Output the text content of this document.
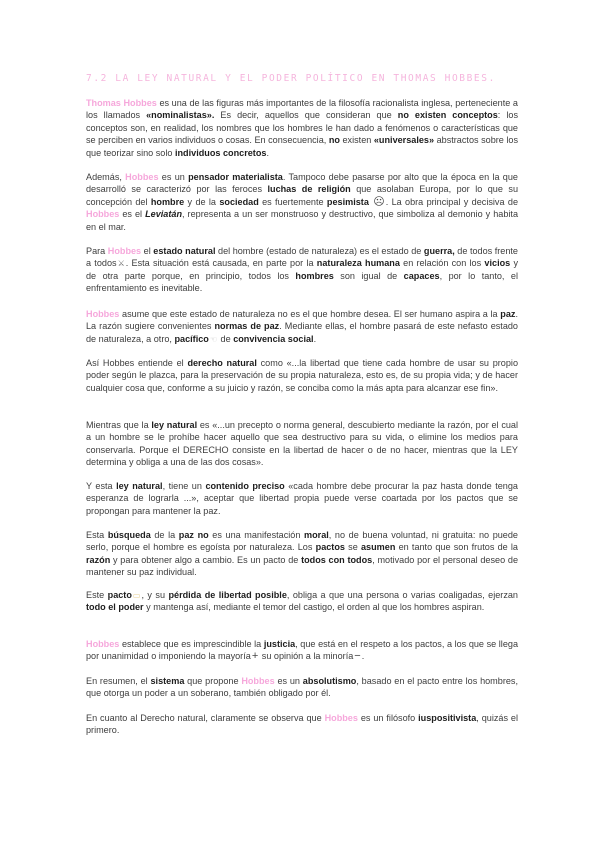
7.2 LA LEY NATURAL Y EL PODER POLÍTICO EN THOMAS HOBBES.
Thomas Hobbes es una de las figuras más importantes de la filosofía racionalista inglesa, perteneciente a los llamados «nominalistas». Es decir, aquellos que consideran que no existen conceptos: los conceptos son, en realidad, los nombres que los hombres le han dado a fenómenos o características que se perciben en varios individuos o cosas. En consecuencia, no existen «universales» abstractos sobre los que teorizar sino solo individuos concretos.
Además, Hobbes es un pensador materialista. Tampoco debe pasarse por alto que la época en la que desarrolló se caracterizó por las feroces luchas de religión que asolaban Europa, por lo que su concepción del hombre y de la sociedad es fuertemente pesimista ☹. La obra principal y decisiva de Hobbes es el Leviatán, representa a un ser monstruoso y destructivo, que simboliza al demonio y habita en el mar.
Para Hobbes el estado natural del hombre (estado de naturaleza) es el estado de guerra, de todos frente a todos⚔. Esta situación está causada, en parte por la naturaleza humana en relación con los vicios y de otra parte porque, en principio, todos los hombres son igual de capaces, por lo tanto, el enfrentamiento es inevitable.
Hobbes asume que este estado de naturaleza no es el que hombre desea. El ser humano aspira a la paz. La razón sugiere convenientes normas de paz. Mediante ellas, el hombre pasará de este nefasto estado de naturaleza, a otro, pacífico☜ de convivencia social.
Así Hobbes entiende el derecho natural como «...la libertad que tiene cada hombre de usar su propio poder según le plazca, para la preservación de su propia naturaleza, esto es, de su propia vida; y de hacer cualquier cosa que, conforme a su juicio y razón, se conciba como la más apta para alcanzar ese fin».
Mientras que la ley natural es «...un precepto o norma general, descubierto mediante la razón, por el cual a un hombre se le prohíbe hacer aquello que sea destructivo para su vida, o elimine los medios para conservarla. Porque el DERECHO consiste en la libertad de hacer o de no hacer, mientras que la LEY determina y obliga a una de las dos cosas».
Y esta ley natural, tiene un contenido preciso «cada hombre debe procurar la paz hasta donde tenga esperanza de lograrla ...», aceptar que libertad propia puede verse coartada por los pactos que se propongan para mantener la paz.
Esta búsqueda de la paz no es una manifestación moral, no de buena voluntad, ni gratuita: no puede serlo, porque el hombre es egoísta por naturaleza. Los pactos se asumen en tanto que son frutos de la razón y para obtener algo a cambio. Es un pacto de todos con todos, motivado por el personal deseo de mantener su paz individual.
Este pacto▭, y su pérdida de libertad posible, obliga a que una persona o varias coaligadas, ejerzan todo el poder y mantenga así, mediante el temor del castigo, el orden al que los hombres aspiran.
Hobbes establece que es imprescindible la justicia, que está en el respeto a los pactos, a los que se llega por unanimidad o imponiendo la mayoría+ su opinión a la minoría−.
En resumen, el sistema que propone Hobbes es un absolutismo, basado en el pacto entre los hombres, que otorga un poder a un soberano, también obligado por él.
En cuanto al Derecho natural, claramente se observa que Hobbes es un filósofo iuspositivista, quizás el primero.
